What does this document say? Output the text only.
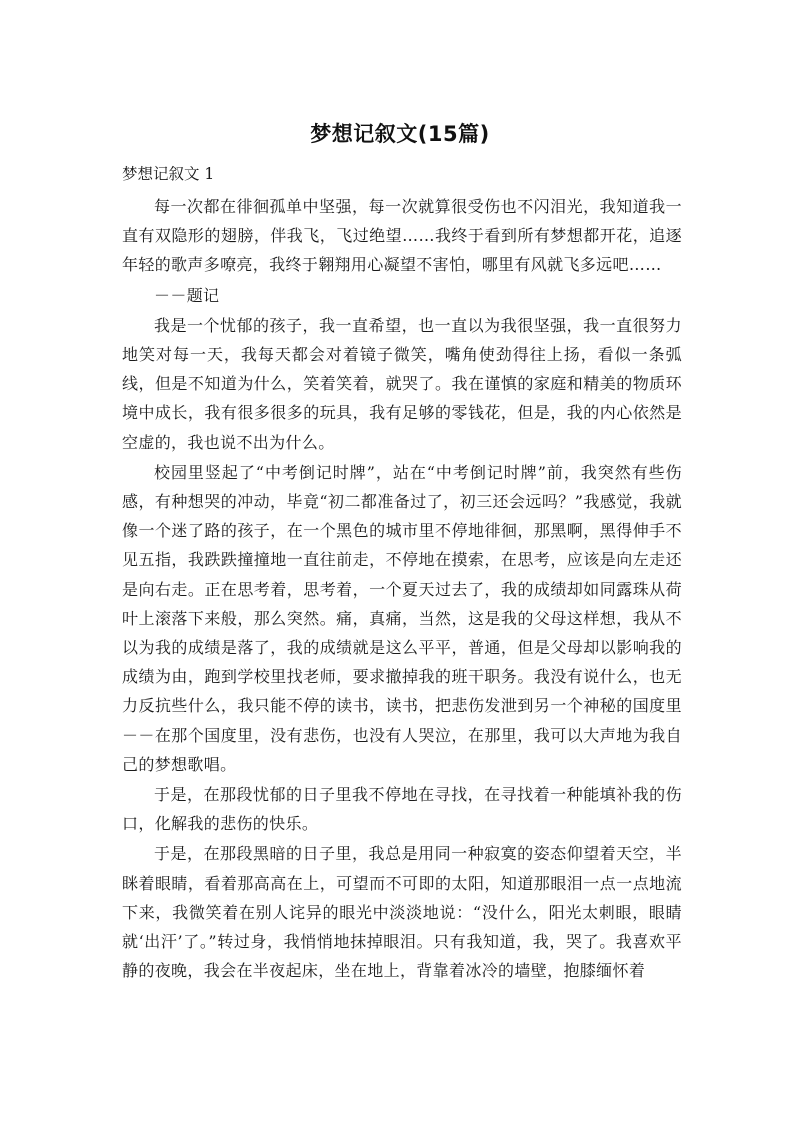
梦想记叙文(15篇)
梦想记叙文 1

每一次都在徘徊孤单中坚强，每一次就算很受伤也不闪泪光，我知道我一直有双隐形的翅膀，伴我飞，飞过绝望……我终于看到所有梦想都开花，追逐年轻的歌声多嘹亮，我终于翱翔用心凝望不害怕，哪里有风就飞多远吧……

－－题记

我是一个忧郁的孩子，我一直希望，也一直以为我很坚强，我一直很努力地笑对每一天，我每天都会对着镜子微笑，嘴角使劲得往上扬，看似一条弧线，但是不知道为什么，笑着笑着，就哭了。我在谨慎的家庭和精美的物质环境中成长，我有很多很多的玩具，我有足够的零钱花，但是，我的内心依然是空虚的，我也说不出为什么。

校园里竖起了“中考倒记时牌”，站在“中考倒记时牌”前，我突然有些伤感，有种想哭的冲动，毕竟“初二都准备过了，初三还会远吗？”我感觉，我就像一个迷了路的孩子，在一个黑色的城市里不停地徘徊，那黑啊，黑得伸手不见五指，我跌跌撞撞地一直往前走，不停地在摸索，在思考，应该是向左走还是向右走。正在思考着，思考着，一个夏天过去了，我的成绩却如同露珠从荷叶上滚落下来般，那么突然。痛，真痛，当然，这是我的父母这样想，我从不以为我的成绩是落了，我的成绩就是这么平平，普通，但是父母却以影响我的成绩为由，跑到学校里找老师，要求撤掉我的班干职务。我没有说什么，也无力反抗些什么，我只能不停的读书，读书，把悲伤发泄到另一个神秘的国度里－－在那个国度里，没有悲伤，也没有人哭泣，在那里，我可以大声地为我自己的梦想歌唱。

于是，在那段忧郁的日子里我不停地在寻找，在寻找着一种能填补我的伤口，化解我的悲伤的快乐。

于是，在那段黑暗的日子里，我总是用同一种寂寞的姿态仰望着天空，半眯着眼睛，看着那高高在上，可望而不可即的太阳，知道那眼泪一点一点地流下来，我微笑着在别人诧异的眼光中淡淡地说：“没什么，阳光太刺眼，眼睛就‘出汗’了。”转过身，我悄悄地抹掉眼泪。只有我知道，我，哭了。我喜欢平静的夜晚，我会在半夜起床，坐在地上，背靠着冰冷的墙壁，抱膝缅怀着
